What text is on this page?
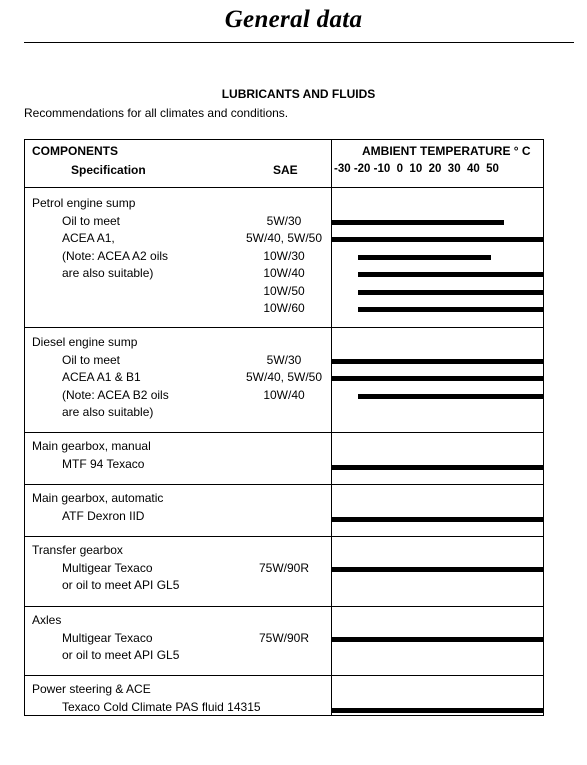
General data
LUBRICANTS AND FLUIDS
Recommendations for all climates and conditions.
COMPONENTS
Specification	SAE
AMBIENT TEMPERATURE ° C
-30 -20 -10  0  10  20  30  40  50
Petrol engine sump
Oil to meet
ACEA A1,
(Note: ACEA A2 oils
are also suitable)
5W/30
5W/40, 5W/50
10W/30
10W/40
10W/50
10W/60
Diesel engine sump
Oil to meet
ACEA A1 & B1
(Note: ACEA B2 oils
are also suitable)
5W/30
5W/40, 5W/50
10W/40
Main gearbox, manual
MTF 94 Texaco
Main gearbox, automatic
ATF Dexron IID
Transfer gearbox
Multigear Texaco
or oil to meet API GL5
75W/90R
Axles
Multigear Texaco
or oil to meet API GL5
75W/90R
Power steering & ACE
Texaco Cold Climate PAS fluid 14315
